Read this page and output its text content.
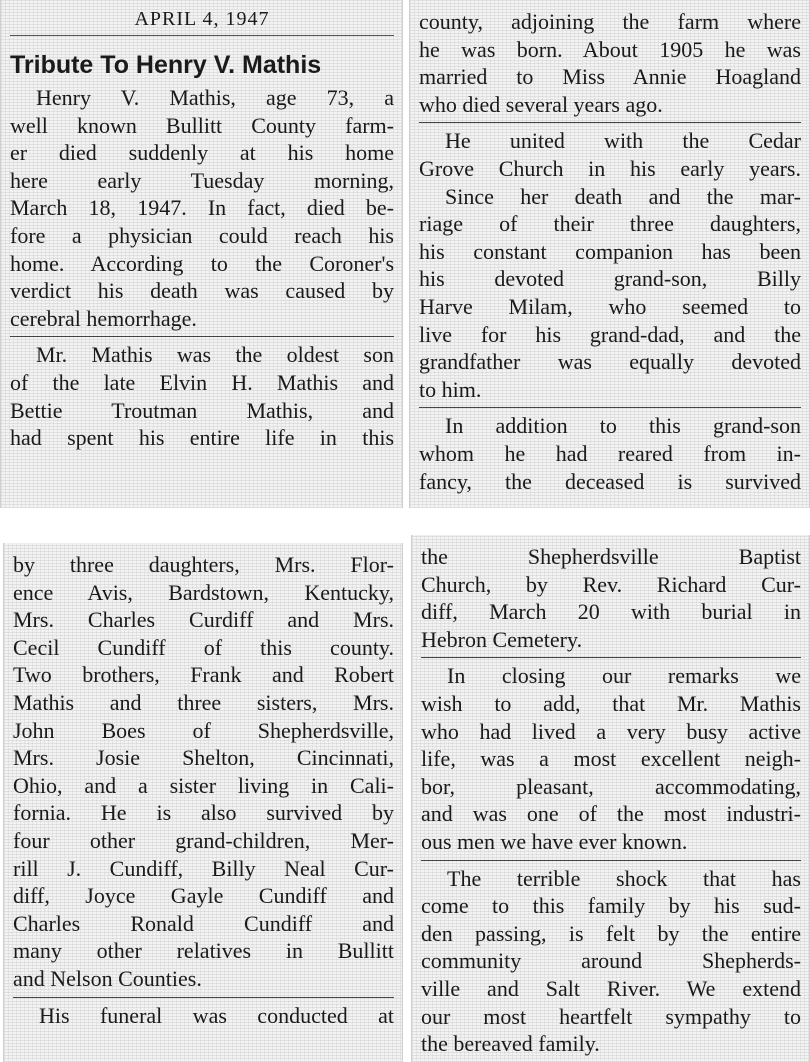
APRIL 4, 1947
Tribute To Henry V. Mathis
Henry V. Mathis, age 73, a
well known Bullitt County farm-
er died suddenly at his home
here early Tuesday morning,
March 18, 1947. In fact, died be-
fore a physician could reach his
home. According to the Coroner's
verdict his death was caused by
cerebral hemorrhage.
Mr. Mathis was the oldest son
of the late Elvin H. Mathis and
Bettie Troutman Mathis, and
had spent his entire life in this
county, adjoining the farm where
he was born. About 1905 he was
married to Miss Annie Hoagland
who died several years ago.
He united with the Cedar
Grove Church in his early years.
Since her death and the mar-
riage of their three daughters,
his constant companion has been
his devoted grand-son, Billy
Harve Milam, who seemed to
live for his grand-dad, and the
grandfather was equally devoted
to him.
In addition to this grand-son
whom he had reared from in-
fancy, the deceased is survived
by three daughters, Mrs. Flor-
ence Avis, Bardstown, Kentucky,
Mrs. Charles Curdiff and Mrs.
Cecil Cundiff of this county.
Two brothers, Frank and Robert
Mathis and three sisters, Mrs.
John Boes of Shepherdsville,
Mrs. Josie Shelton, Cincinnati,
Ohio, and a sister living in Cali-
fornia. He is also survived by
four other grand-children, Mer-
rill J. Cundiff, Billy Neal Cur-
diff, Joyce Gayle Cundiff and
Charles Ronald Cundiff and
many other relatives in Bullitt
and Nelson Counties.
His funeral was conducted at
the Shepherdsville Baptist
Church, by Rev. Richard Cur-
diff, March 20 with burial in
Hebron Cemetery.
In closing our remarks we
wish to add, that Mr. Mathis
who had lived a very busy active
life, was a most excellent neigh-
bor, pleasant, accommodating,
and was one of the most industri-
ous men we have ever known.
The terrible shock that has
come to this family by his sud-
den passing, is felt by the entire
community around Shepherds-
ville and Salt River. We extend
our most heartfelt sympathy to
the bereaved family.
